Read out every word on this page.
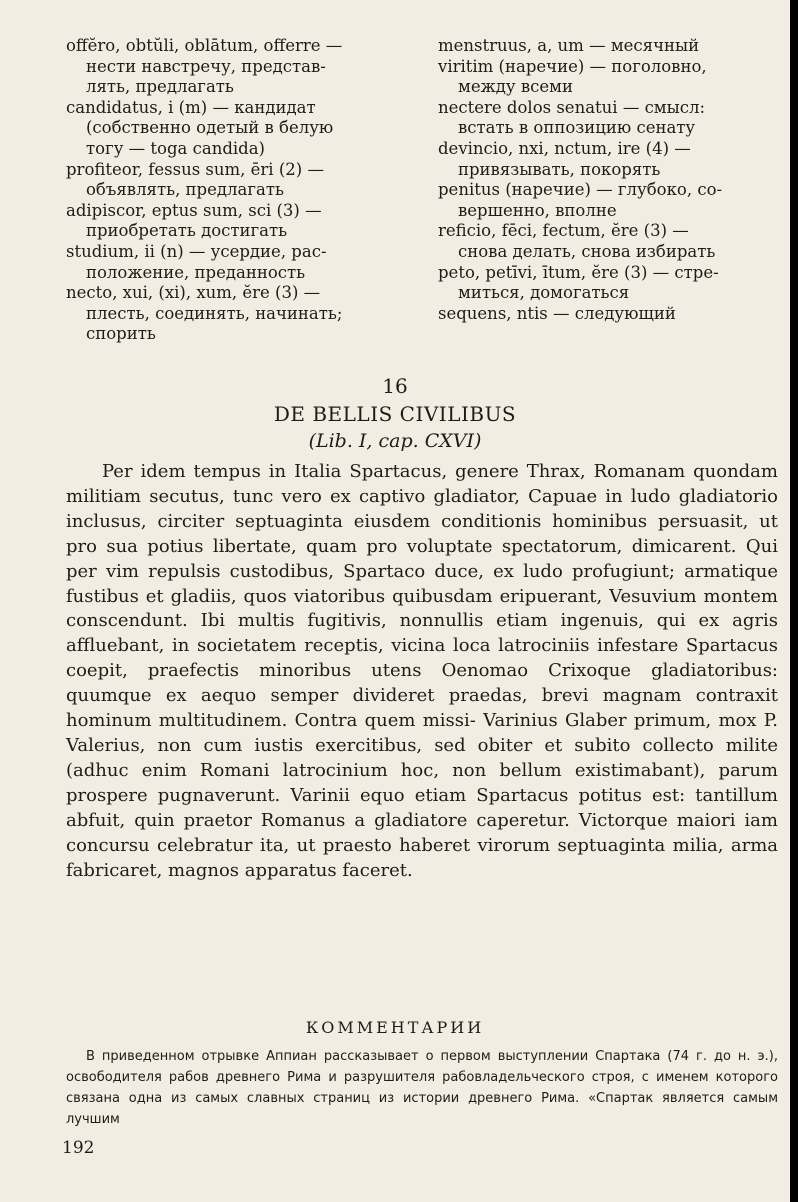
offĕro, obtŭli, oblātum, offerre —
нести навстречу, представ-
лять, предлагать

candidatus, i (m) — кандидат
(собственно одетый в белую
тогу — toga candida)

profiteor, fessus sum, ēri (2) —
объявлять, предлагать

adipiscor, eptus sum, sci (3) —
приобретать достигать

studium, ii (n) — усердие, рас-
положение, преданность

necto, xui, (xi), xum, ĕre (3) —
плесть, соединять, начинать;
спорить

menstruus, a, um — месячный

viritim (наречие) — поголовно,
между всеми

nectere dolos senatui — смысл:
встать в оппозицию сенату

devincio, nxi, nctum, ire (4) —
привязывать, покорять

penitus (наречие) — глубоко, со-
вершенно, вполне

reficio, fēci, fectum, ĕre (3) —
снова делать, снова избирать

peto, petīvi, ītum, ĕre (3) — стре-
миться, домогаться

sequens, ntis — следующий

16
DE BELLIS CIVILIBUS
(Lib. I, cap. CXVI)

Per idem tempus in Italia Spartacus, genere Thrax, Romanam quondam militiam secutus, tunc vero ex captivo gladiator, Capuae in ludo gladiatorio inclusus, circiter septuaginta eiusdem conditionis hominibus persuasit, ut pro sua potius libertate, quam pro voluptate spectatorum, dimicarent. Qui per vim repulsis custodibus, Spartaco duce, ex ludo profugiunt; armatique fustibus et gladiis, quos viatoribus quibusdam eripuerant, Vesuvium montem conscendunt. Ibi multis fugitivis, nonnullis etiam ingenuis, qui ex agris affluebant, in societatem receptis, vicina loca latrociniis infestare Spartacus coepit, praefectis minoribus utens Oenomao Crixoque gladiatoribus: quumque ex aequo semper divideret praedas, brevi magnam contraxit hominum multitudinem. Contra quem missi- Varinius Glaber primum, mox P. Valerius, non cum iustis exercitibus, sed obiter et subito collecto milite (adhuc enim Romani latrocinium hoc, non bellum existimabant), parum prospere pugnaverunt. Varinii equo etiam Spartacus potitus est: tantillum abfuit, quin praetor Romanus a gladiatore caperetur. Victorque maiori iam concursu celebratur ita, ut praesto haberet virorum septuaginta milia, arma fabricaret, magnos apparatus faceret.

КОММЕНТАРИИ

В приведенном отрывке Аппиан рассказывает о первом выступлении Спартака (74 г. до н. э.), освободителя рабов древнего Рима и разрушителя рабовладельческого строя, с именем которого связана одна из самых славных страниц из истории древнего Рима. «Спартак является самым лучшим

192
